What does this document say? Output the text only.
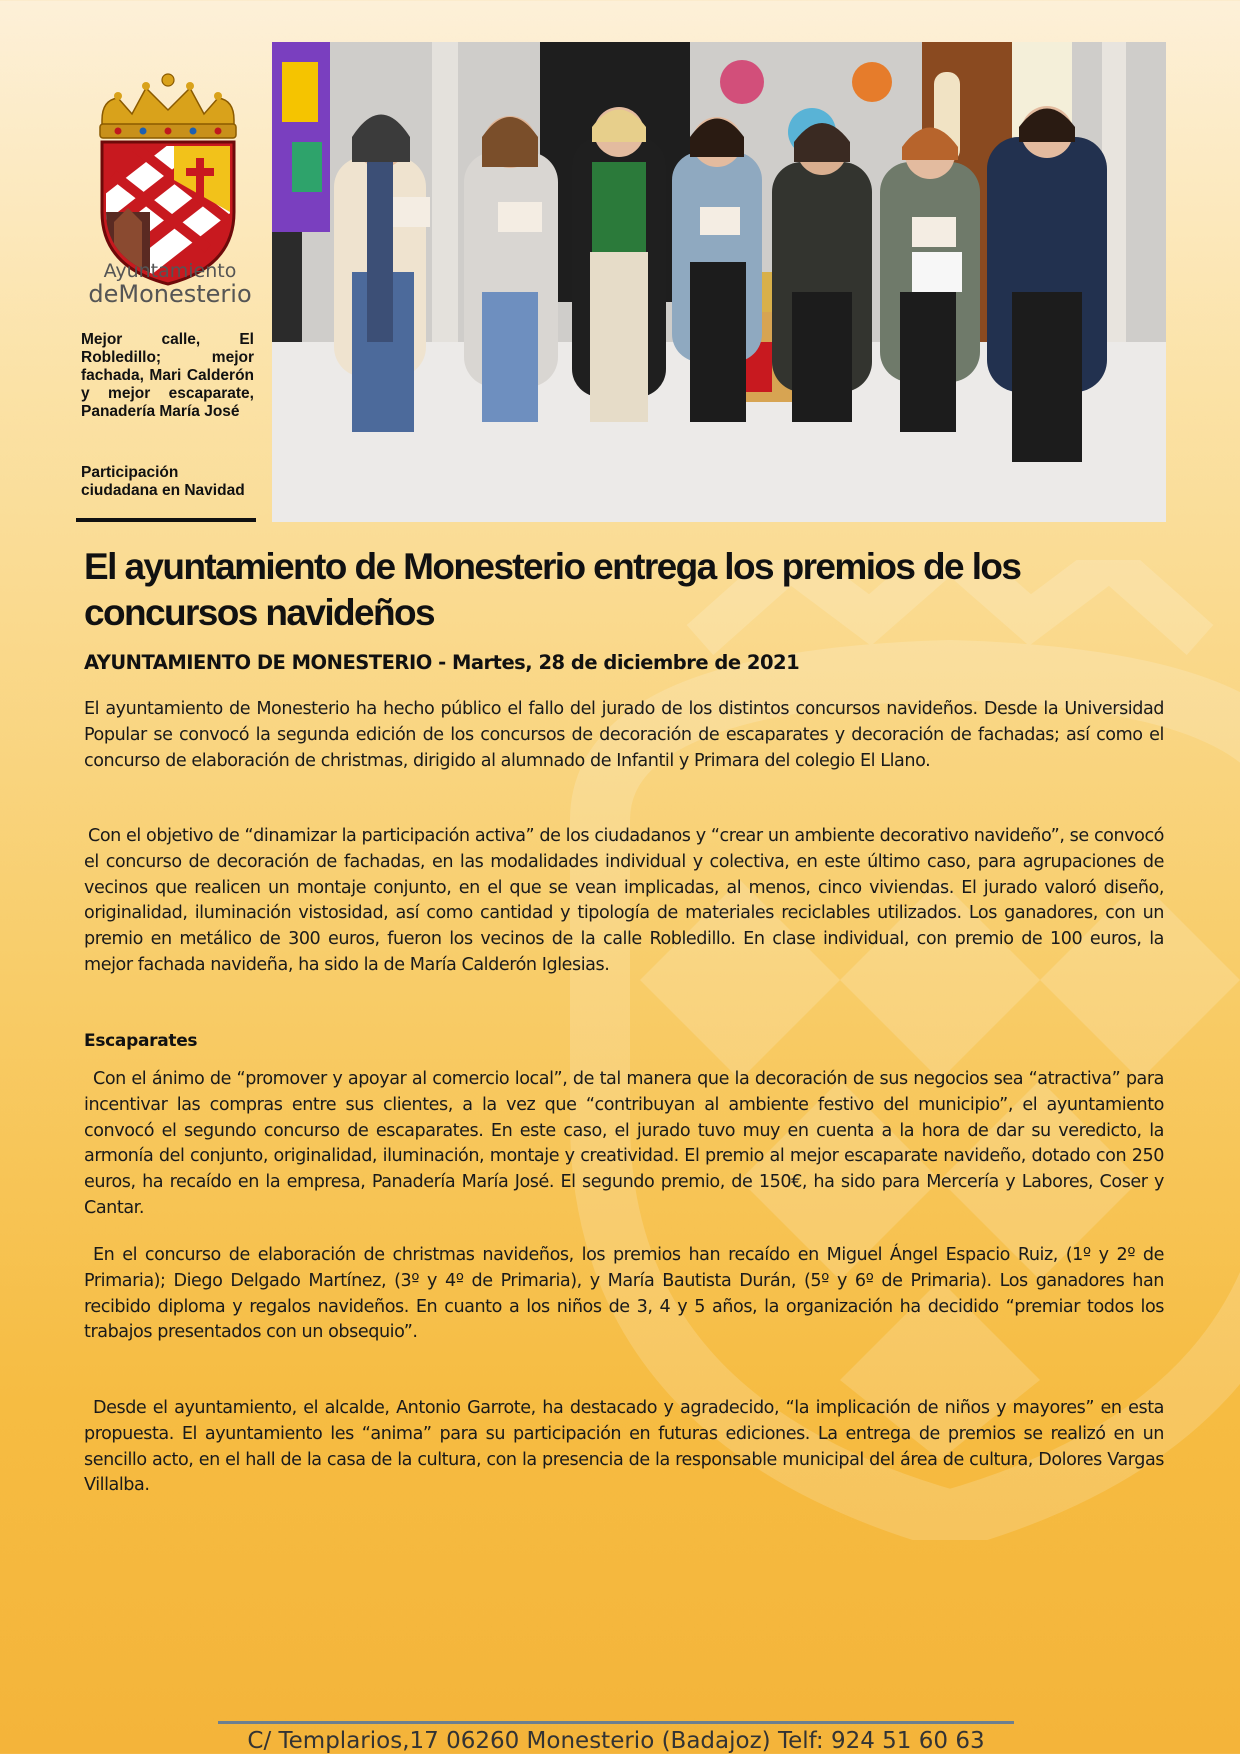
Ayuntamiento
deMonesterio

Mejor calle, El Robledillo; mejor fachada, Mari Calderón y mejor escaparate, Panadería María José

Participación ciudadana en Navidad

El ayuntamiento de Monesterio entrega los premios de los concursos navideños

AYUNTAMIENTO DE MONESTERIO - Martes, 28 de diciembre de 2021

El ayuntamiento de Monesterio ha hecho público el fallo del jurado de los distintos concursos navideños. Desde la Universidad Popular se convocó la segunda edición de los concursos de decoración de escaparates y decoración de fachadas; así como el concurso de elaboración de christmas, dirigido al alumnado de Infantil y Primara del colegio El Llano.

Con el objetivo de “dinamizar la participación activa” de los ciudadanos y “crear un ambiente decorativo navideño”, se convocó el concurso de decoración de fachadas, en las modalidades individual y colectiva, en este último caso, para agrupaciones de vecinos que realicen un montaje conjunto, en el que se vean implicadas, al menos, cinco viviendas. El jurado valoró diseño, originalidad, iluminación vistosidad, así como cantidad y tipología de materiales reciclables utilizados. Los ganadores, con un premio en metálico de 300 euros, fueron los vecinos de la calle Robledillo. En clase individual, con premio de 100 euros, la mejor fachada navideña, ha sido la de María Calderón Iglesias.

Escaparates

Con el ánimo de “promover y apoyar al comercio local”, de tal manera que la decoración de sus negocios sea “atractiva” para incentivar las compras entre sus clientes, a la vez que “contribuyan al ambiente festivo del municipio”, el ayuntamiento convocó el segundo concurso de escaparates. En este caso, el jurado tuvo muy en cuenta a la hora de dar su veredicto, la armonía del conjunto, originalidad, iluminación, montaje y creatividad. El premio al mejor escaparate navideño, dotado con 250 euros, ha recaído en la empresa, Panadería María José. El segundo premio, de 150€, ha sido para Mercería y Labores, Coser y Cantar.

En el concurso de elaboración de christmas navideños, los premios han recaído en Miguel Ángel Espacio Ruiz, (1º y 2º de Primaria); Diego Delgado Martínez, (3º y 4º de Primaria), y María Bautista Durán, (5º y 6º de Primaria). Los ganadores han recibido diploma y regalos navideños. En cuanto a los niños de 3, 4 y 5 años, la organización ha decidido “premiar todos los trabajos presentados con un obsequio”.

Desde el ayuntamiento, el alcalde, Antonio Garrote, ha destacado y agradecido, “la implicación de niños y mayores” en esta propuesta. El ayuntamiento les “anima” para su participación en futuras ediciones. La entrega de premios se realizó en un sencillo acto, en el hall de la casa de la cultura, con la presencia de la responsable municipal del área de cultura, Dolores Vargas Villalba.

C/ Templarios,17 06260 Monesterio (Badajoz) Telf: 924 51 60 63
